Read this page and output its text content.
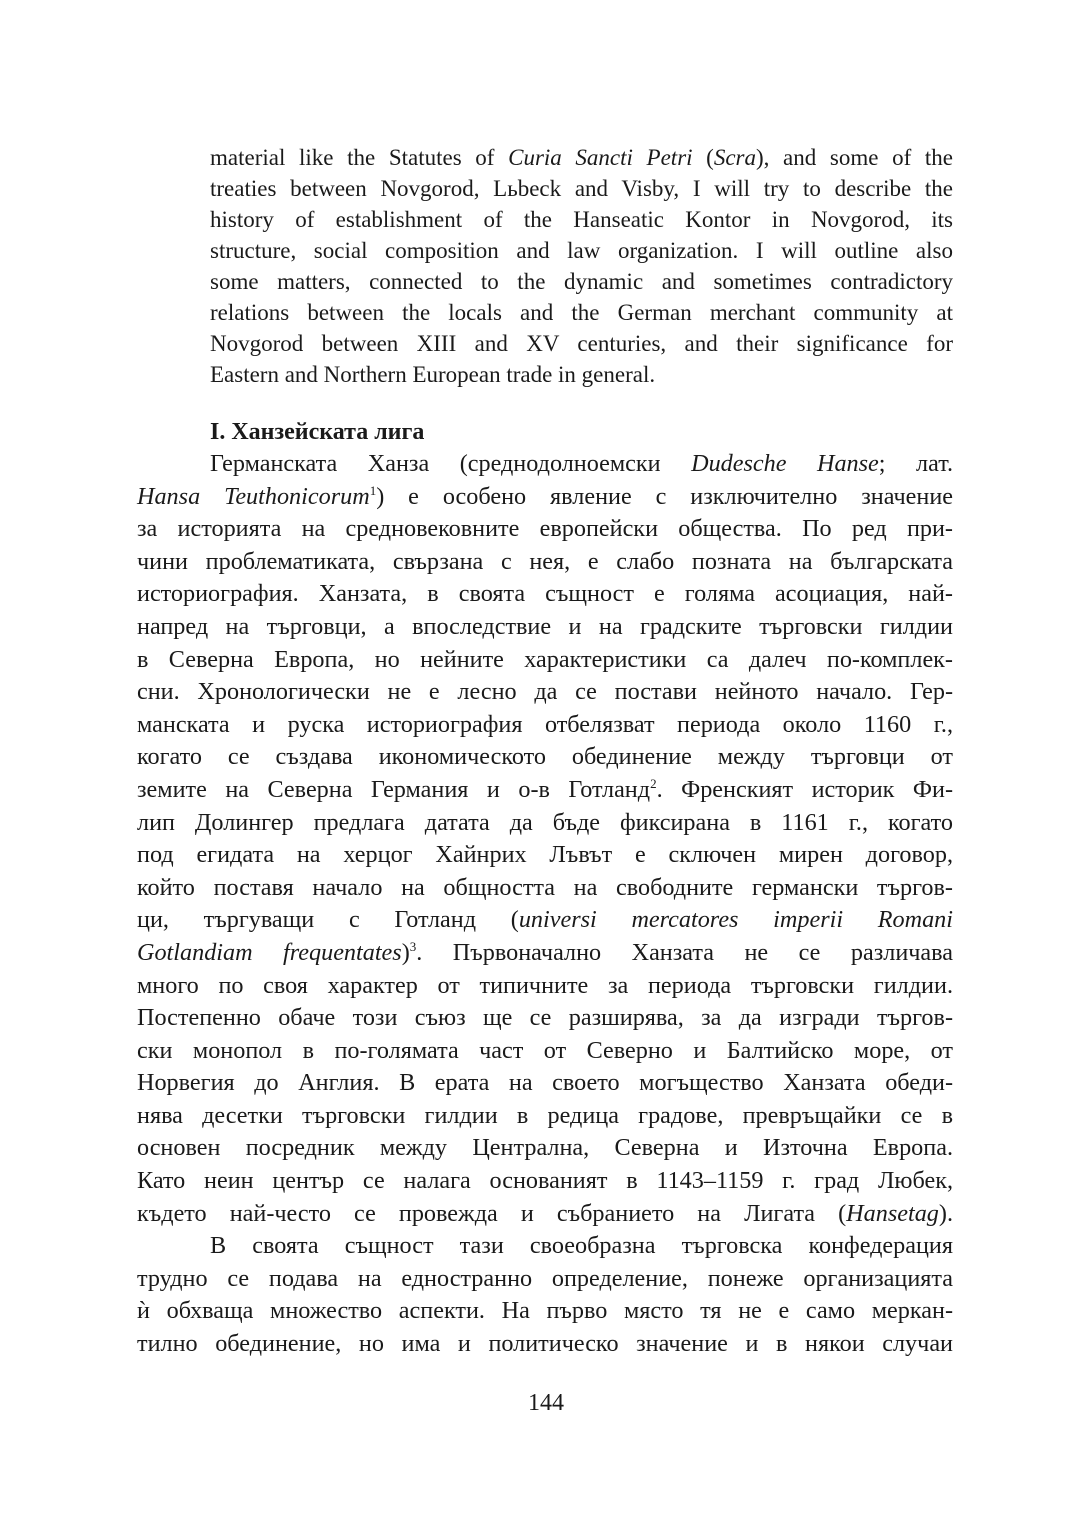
material like the Statutes of Curia Sancti Petri (Scra), and some of the
treaties between Novgorod, Lьbeck and Visby, I will try to describe the
history of establishment of the Hanseatic Kontor in Novgorod, its
structure, social composition and law organization. I will outline also
some matters, connected to the dynamic and sometimes contradictory
relations between the locals and the German merchant community at
Novgorod between XIII and XV centuries, and their significance for
Eastern and Northern European trade in general.
I. Ханзейската лига
Германската Ханза (среднодолноемски Dudesche Hanse; лат.
Hansa Teuthonicorum$^1$) е особено явление с изключително значение
за историята на средновековните европейски общества. По ред при-
чини проблематиката, свързана с нея, е слабо позната на българската
историография. Ханзата, в своята същност е голяма асоциация, най-
напред на търговци, а впоследствие и на градските търговски гилдии
в Северна Европа, но нейните характеристики са далеч по-комплек-
сни. Хронологически не е лесно да се постави нейното начало. Гер-
манската и руска историография отбелязват периода около 1160 г.,
когато се създава икономическото обединение между търговци от
земите на Северна Германия и о-в Готланд$^2$. Френският историк Фи-
лип Долингер предлага датата да бъде фиксирана в 1161 г., когато
под егидата на херцог Хайнрих Лъвът е сключен мирен договор,
който поставя начало на общността на свободните германски търгов-
ци, търгуващи с Готланд (universi mercatores imperii Romani
Gotlandiam frequentates)$^3$. Първоначално Ханзата не се различава
много по своя характер от типичните за периода търговски гилдии.
Постепенно обаче този съюз ще се разширява, за да изгради търгов-
ски монопол в по-голямата част от Северно и Балтийско море, от
Норвегия до Англия. В ерата на своето могъщество Ханзата обеди-
нява десетки търговски гилдии в редица градове, превръщайки се в
основен посредник между Централна, Северна и Източна Европа.
Като неин център се налага основаният в 1143–1159 г. град Любек,
където най-често се провежда и събранието на Лигата (Hansetag).
В своята същност тази своеобразна търговска конфедерация
трудно се подава на едностранно определение, понеже организацията
ѝ обхваща множество аспекти. На първо място тя не е само меркан-
тилно обединение, но има и политическо значение и в някои случаи
144
